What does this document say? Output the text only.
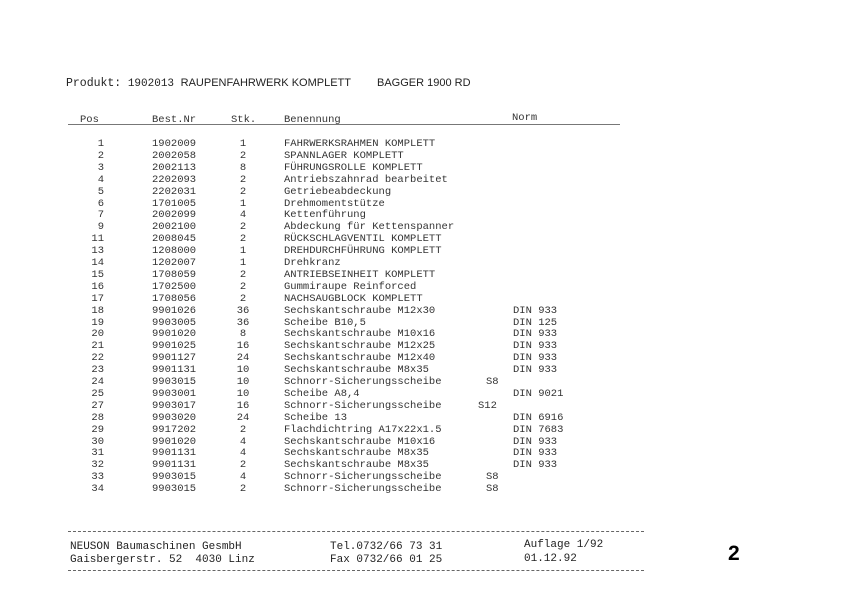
Produkt: 1902013 RAUPENFAHRWERK KOMPLETT BAGGER 1900 RD
Pos	Best.Nr	Stk.	Benennung	Norm
1	1902009	1	FAHRWERKSRAHMEN KOMPLETT
2	2002058	2	SPANNLAGER KOMPLETT
3	2002113	8	FÜHRUNGSROLLE KOMPLETT
4	2202093	2	Antriebszahnrad bearbeitet
5	2202031	2	Getriebeabdeckung
6	1701005	1	Drehmomentstütze
7	2002099	4	Kettenführung
9	2002100	2	Abdeckung für Kettenspanner
11	2008045	2	RÜCKSCHLAGVENTIL KOMPLETT
13	1208000	1	DREHDURCHFÜHRUNG KOMPLETT
14	1202007	1	Drehkranz
15	1708059	2	ANTRIEBSEINHEIT KOMPLETT
16	1702500	2	Gummiraupe Reinforced
17	1708056	2	NACHSAUGBLOCK KOMPLETT
18	9901026	36	Sechskantschraube M12x30	DIN 933
19	9903005	36	Scheibe B10,5	DIN 125
20	9901020	8	Sechskantschraube M10x16	DIN 933
21	9901025	16	Sechskantschraube M12x25	DIN 933
22	9901127	24	Sechskantschraube M12x40	DIN 933
23	9901131	10	Sechskantschraube M8x35	DIN 933
24	9903015	10	Schnorr-Sicherungsscheibe	S8
25	9903001	10	Scheibe A8,4	DIN 9021
27	9903017	16	Schnorr-Sicherungsscheibe	S12
28	9903020	24	Scheibe 13	DIN 6916
29	9917202	2	Flachdichtring A17x22x1.5	DIN 7683
30	9901020	4	Sechskantschraube M10x16	DIN 933
31	9901131	4	Sechskantschraube M8x35	DIN 933
32	9901131	2	Sechskantschraube M8x35	DIN 933
33	9903015	4	Schnorr-Sicherungsscheibe	S8
34	9903015	2	Schnorr-Sicherungsscheibe	S8
NEUSON Baumaschinen GesmbH
Gaisbergerstr. 52  4030 Linz
Tel.0732/66 73 31
Fax 0732/66 01 25
Auflage 1/92
01.12.92	2
